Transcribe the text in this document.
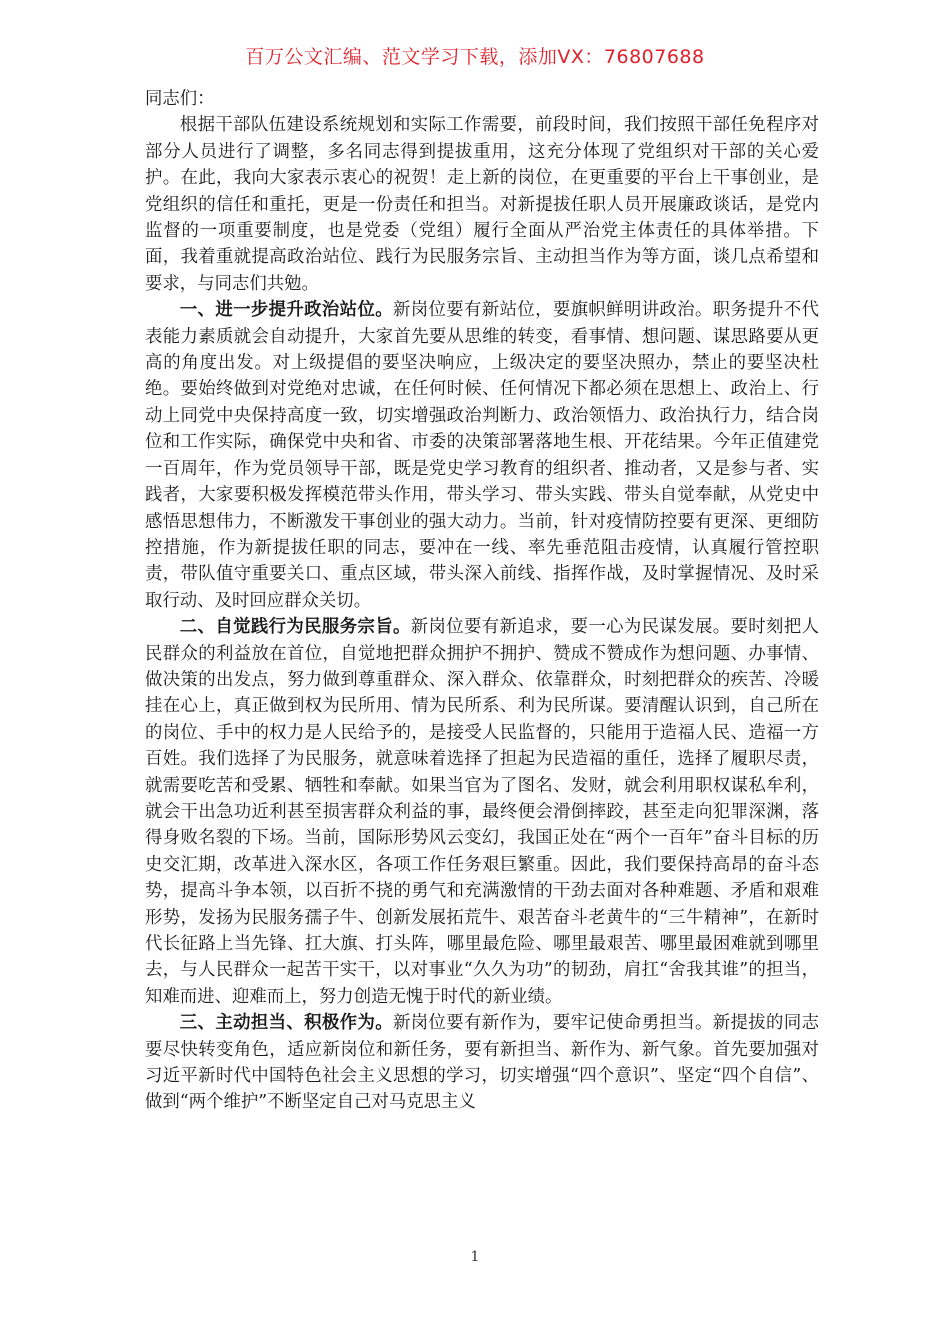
百万公文汇编、范文学习下载，添加VX：76807688

同志们：

根据干部队伍建设系统规划和实际工作需要，前段时间，我们按照干部任免程序对部分人员进行了调整，多名同志得到提拔重用，这充分体现了党组织对干部的关心爱护。在此，我向大家表示衷心的祝贺！走上新的岗位，在更重要的平台上干事创业，是党组织的信任和重托，更是一份责任和担当。对新提拔任职人员开展廉政谈话，是党内监督的一项重要制度，也是党委（党组）履行全面从严治党主体责任的具体举措。下面，我着重就提高政治站位、践行为民服务宗旨、主动担当作为等方面，谈几点希望和要求，与同志们共勉。

一、进一步提升政治站位。新岗位要有新站位，要旗帜鲜明讲政治。职务提升不代表能力素质就会自动提升，大家首先要从思维的转变，看事情、想问题、谋思路要从更高的角度出发。对上级提倡的要坚决响应，上级决定的要坚决照办，禁止的要坚决杜绝。要始终做到对党绝对忠诚，在任何时候、任何情况下都必须在思想上、政治上、行动上同党中央保持高度一致，切实增强政治判断力、政治领悟力、政治执行力，结合岗位和工作实际，确保党中央和省、市委的决策部署落地生根、开花结果。今年正值建党一百周年，作为党员领导干部，既是党史学习教育的组织者、推动者，又是参与者、实践者，大家要积极发挥模范带头作用，带头学习、带头实践、带头自觉奉献，从党史中感悟思想伟力，不断激发干事创业的强大动力。当前，针对疫情防控要有更深、更细防控措施，作为新提拔任职的同志，要冲在一线、率先垂范阻击疫情，认真履行管控职责，带队值守重要关口、重点区域，带头深入前线、指挥作战，及时掌握情况、及时采取行动、及时回应群众关切。

二、自觉践行为民服务宗旨。新岗位要有新追求，要一心为民谋发展。要时刻把人民群众的利益放在首位，自觉地把群众拥护不拥护、赞成不赞成作为想问题、办事情、做决策的出发点，努力做到尊重群众、深入群众、依靠群众，时刻把群众的疾苦、冷暖挂在心上，真正做到权为民所用、情为民所系、利为民所谋。要清醒认识到，自己所在的岗位、手中的权力是人民给予的，是接受人民监督的，只能用于造福人民、造福一方百姓。我们选择了为民服务，就意味着选择了担起为民造福的重任，选择了履职尽责，就需要吃苦和受累、牺牲和奉献。如果当官为了图名、发财，就会利用职权谋私牟利，就会干出急功近利甚至损害群众利益的事，最终便会滑倒摔跤，甚至走向犯罪深渊，落得身败名裂的下场。当前，国际形势风云变幻，我国正处在“两个一百年”奋斗目标的历史交汇期，改革进入深水区，各项工作任务艰巨繁重。因此，我们要保持高昂的奋斗态势，提高斗争本领，以百折不挠的勇气和充满激情的干劲去面对各种难题、矛盾和艰难形势，发扬为民服务孺子牛、创新发展拓荒牛、艰苦奋斗老黄牛的“三牛精神”，在新时代长征路上当先锋、扛大旗、打头阵，哪里最危险、哪里最艰苦、哪里最困难就到哪里去，与人民群众一起苦干实干，以对事业“久久为功”的韧劲，肩扛“舍我其谁”的担当，知难而进、迎难而上，努力创造无愧于时代的新业绩。

三、主动担当、积极作为。新岗位要有新作为，要牢记使命勇担当。新提拔的同志要尽快转变角色，适应新岗位和新任务，要有新担当、新作为、新气象。首先要加强对习近平新时代中国特色社会主义思想的学习，切实增强“四个意识”、坚定“四个自信”、做到“两个维护”不断坚定自己对马克思主义

1
